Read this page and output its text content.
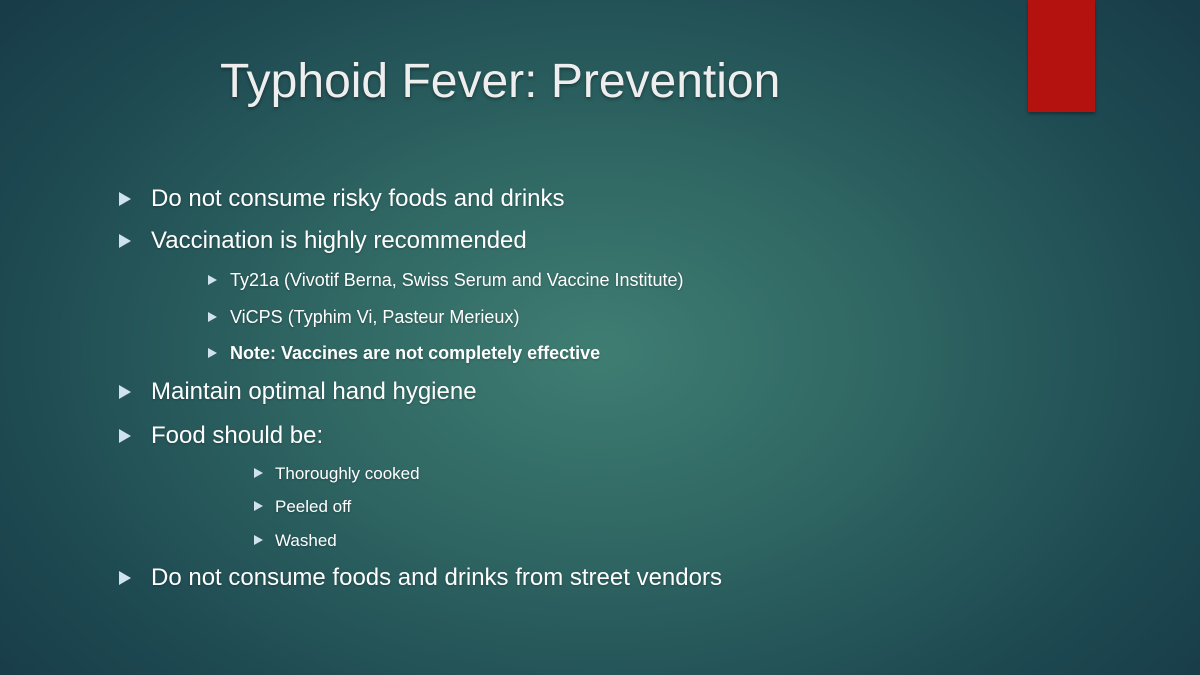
Typhoid Fever: Prevention
Do not consume risky foods and drinks
Vaccination is highly recommended
Ty21a (Vivotif Berna, Swiss Serum and Vaccine Institute)
ViCPS (Typhim Vi, Pasteur Merieux)
Note: Vaccines are not completely effective
Maintain optimal hand hygiene
Food should be:
Thoroughly cooked
Peeled off
Washed
Do not consume foods and drinks from street vendors
